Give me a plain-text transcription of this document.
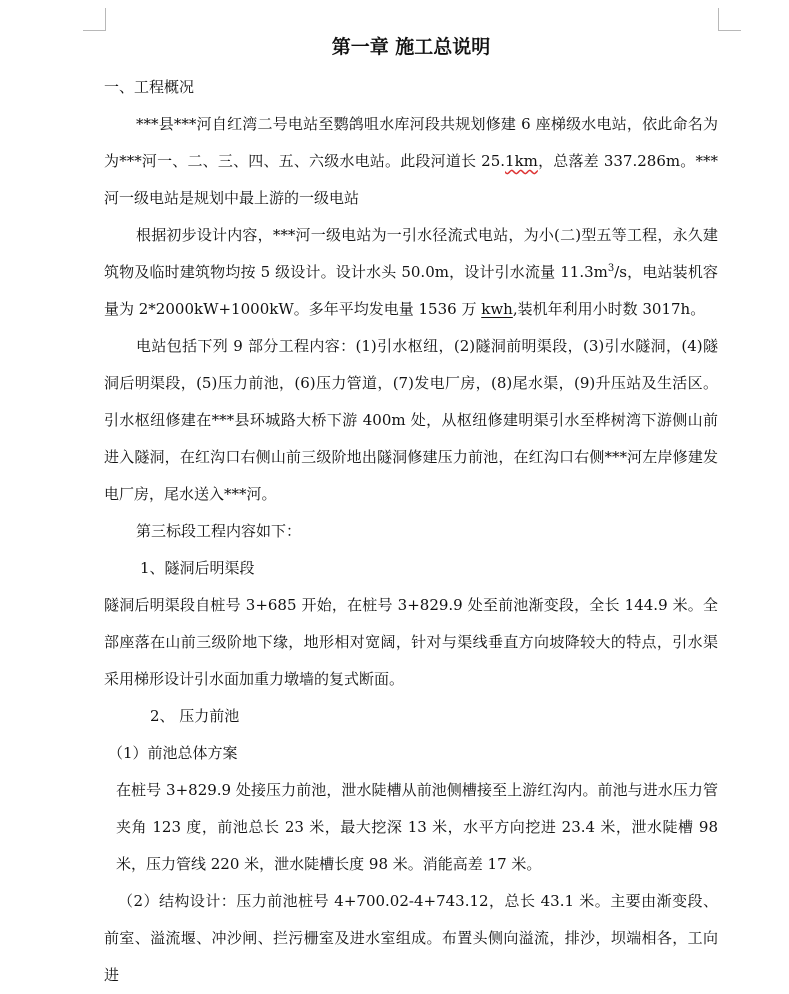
第一章 施工总说明

一、工程概况

***县***河自红湾二号电站至鹦鸽咀水库河段共规划修建 6 座梯级水电站，依此命名为为***河一、二、三、四、五、六级水电站。此段河道长 25.1km，总落差 337.286m。***河一级电站是规划中最上游的一级电站

根据初步设计内容，***河一级电站为一引水径流式电站，为小(二)型五等工程，永久建筑物及临时建筑物均按 5 级设计。设计水头 50.0m，设计引水流量 $11.3m^3/s$，电站装机容量为 2*2000kW+1000kW。多年平均发电量 1536 万 kwh,装机年利用小时数 3017h。

电站包括下列 9 部分工程内容：(1)引水枢纽，(2)隧洞前明渠段，(3)引水隧洞，(4)隧洞后明渠段，(5)压力前池，(6)压力管道，(7)发电厂房，(8)尾水渠，(9)升压站及生活区。引水枢纽修建在***县环城路大桥下游 400m 处，从枢纽修建明渠引水至桦树湾下游侧山前进入隧洞，在红沟口右侧山前三级阶地出隧洞修建压力前池，在红沟口右侧***河左岸修建发电厂房，尾水送入***河。

第三标段工程内容如下：

1、隧洞后明渠段

隧洞后明渠段自桩号 3+685 开始，在桩号 3+829.9 处至前池渐变段，全长 144.9 米。全部座落在山前三级阶地下缘，地形相对宽阔，针对与渠线垂直方向坡降较大的特点，引水渠采用梯形设计引水面加重力墩墙的复式断面。

2、 压力前池

（1）前池总体方案

在桩号 3+829.9 处接压力前池，泄水陡槽从前池侧槽接至上游红沟内。前池与进水压力管夹角 123 度，前池总长 23 米，最大挖深 13 米，水平方向挖进 23.4 米，泄水陡槽 98 米，压力管线 220 米，泄水陡槽长度 98 米。消能高差 17 米。

（2）结构设计：压力前池桩号 4+700.02-4+743.12，总长 43.1 米。主要由渐变段、前室、溢流堰、冲沙闸、拦污栅室及进水室组成。布置头侧向溢流，排沙，坝端相各，工向进
